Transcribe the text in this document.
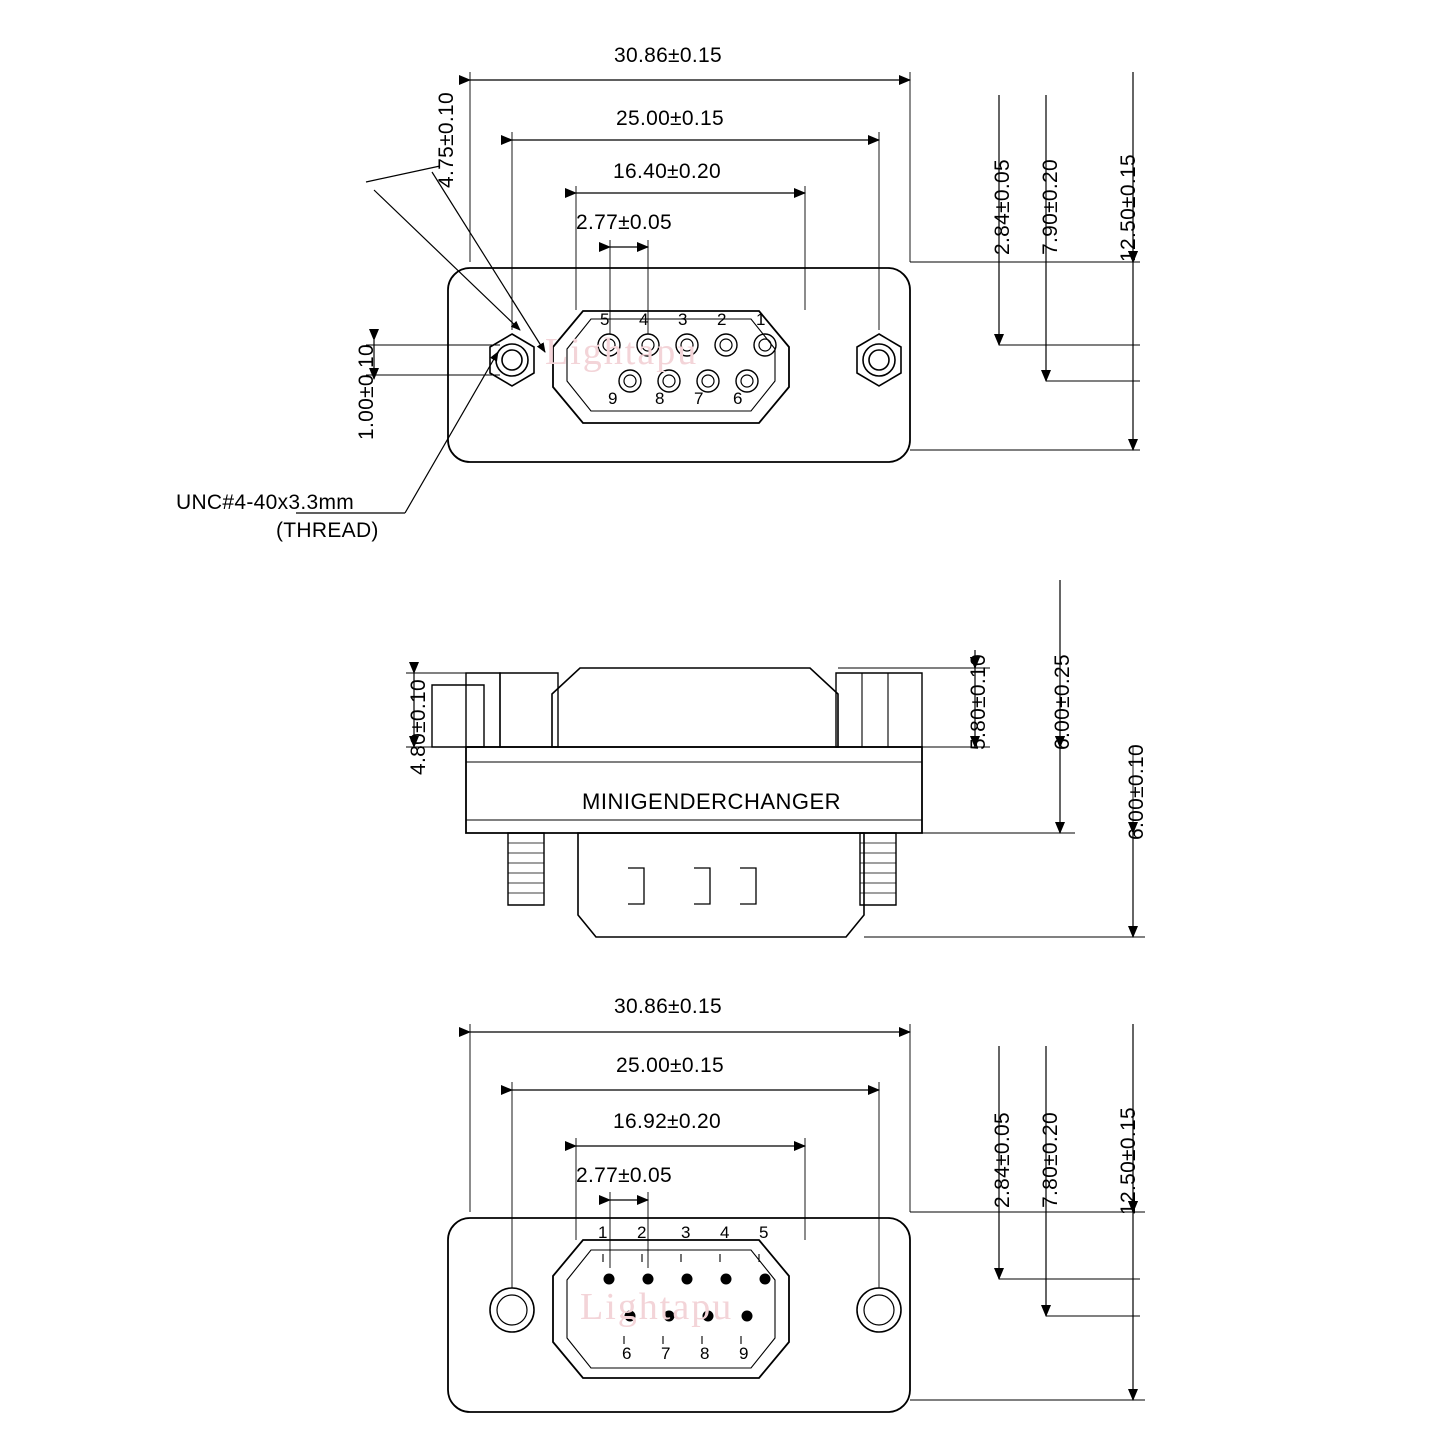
Lightapu
Lightapu
30.86±0.15
25.00±0.15
16.40±0.20
2.77±0.05
4.75±0.10
1.00±0.10
2.84±0.05 7.90±0.20	12.50±0.15
5 4 3 2 1
9 8 7 6
UNC#4-40x3.3mm
(THREAD)
4.80±0.10	5.80±0.10	6.00±0.25
6.00±0.10
MINIGENDERCHANGER
30.86±0.15
25.00±0.15
16.92±0.20
2.77±0.05	2.84±0.05 7.80±0.20	12.50±0.15
1 2 3 4 5
6 7 8 9
